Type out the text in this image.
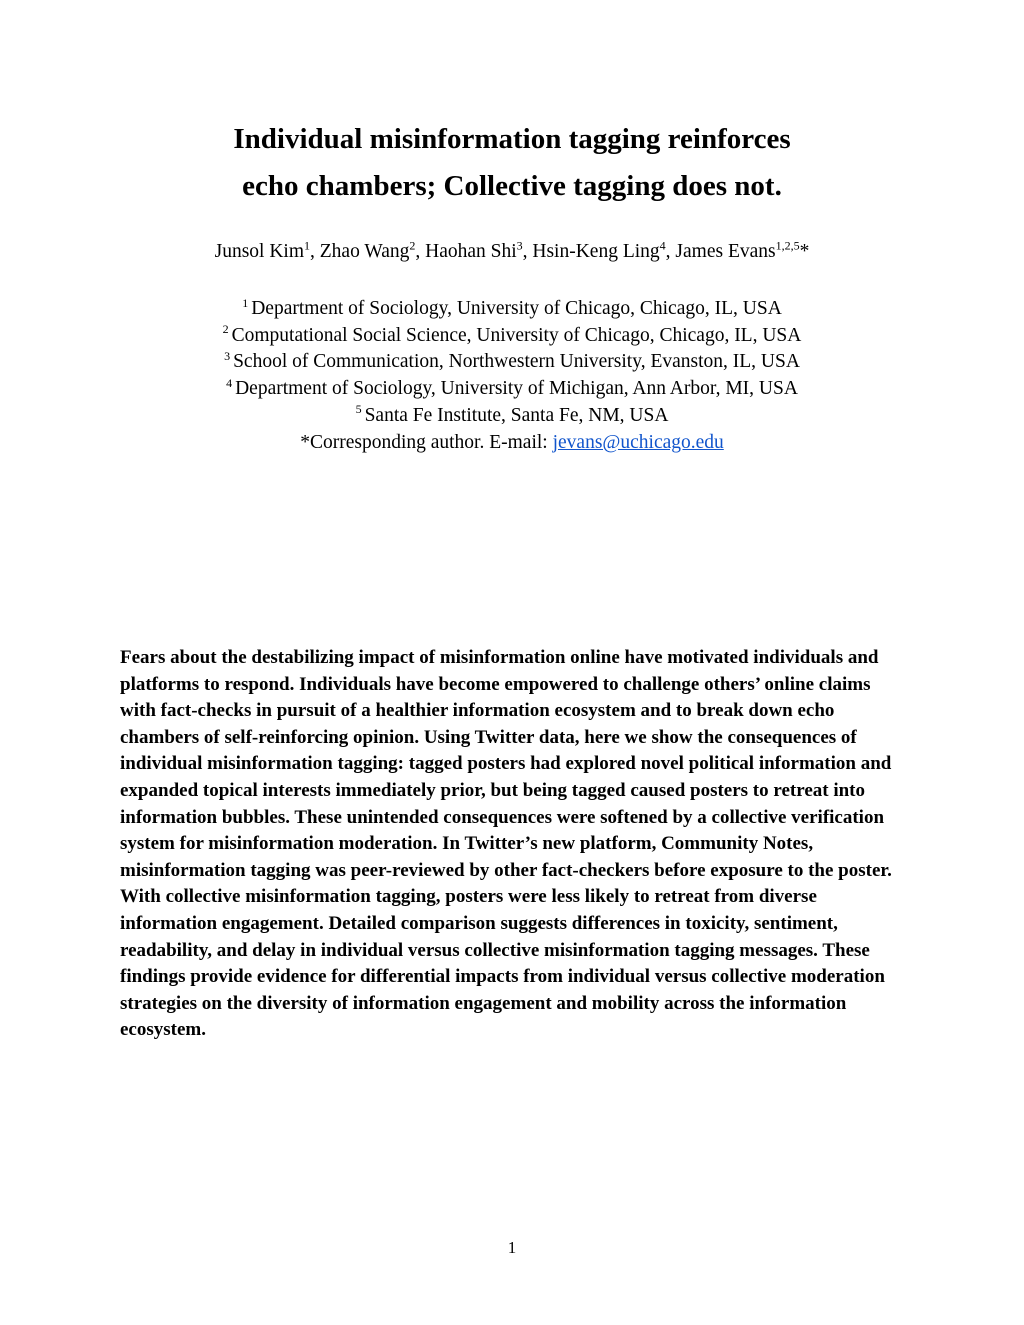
Individual misinformation tagging reinforces
echo chambers; Collective tagging does not.

Junsol Kim$^1$, Zhao Wang$^2$, Haohan Shi$^3$, Hsin-Keng Ling$^4$, James Evans$^{1,2,5}$*

$^1$ Department of Sociology, University of Chicago, Chicago, IL, USA

$^2$ Computational Social Science, University of Chicago, Chicago, IL, USA

$^3$ School of Communication, Northwestern University, Evanston, IL, USA

$^4$ Department of Sociology, University of Michigan, Ann Arbor, MI, USA

$^5$ Santa Fe Institute, Santa Fe, NM, USA

*Corresponding author. E-mail: jevans@uchicago.edu

Fears about the destabilizing impact of misinformation online have motivated individuals and platforms to respond. Individuals have become empowered to challenge others’ online claims with fact-checks in pursuit of a healthier information ecosystem and to break down echo chambers of self-reinforcing opinion. Using Twitter data, here we show the consequences of individual misinformation tagging: tagged posters had explored novel political information and expanded topical interests immediately prior, but being tagged caused posters to retreat into information bubbles. These unintended consequences were softened by a collective verification system for misinformation moderation. In Twitter’s new platform, Community Notes, misinformation tagging was peer-reviewed by other fact-checkers before exposure to the poster. With collective misinformation tagging, posters were less likely to retreat from diverse information engagement. Detailed comparison suggests differences in toxicity, sentiment, readability, and delay in individual versus collective misinformation tagging messages. These findings provide evidence for differential impacts from individual versus collective moderation strategies on the diversity of information engagement and mobility across the information ecosystem.

1
